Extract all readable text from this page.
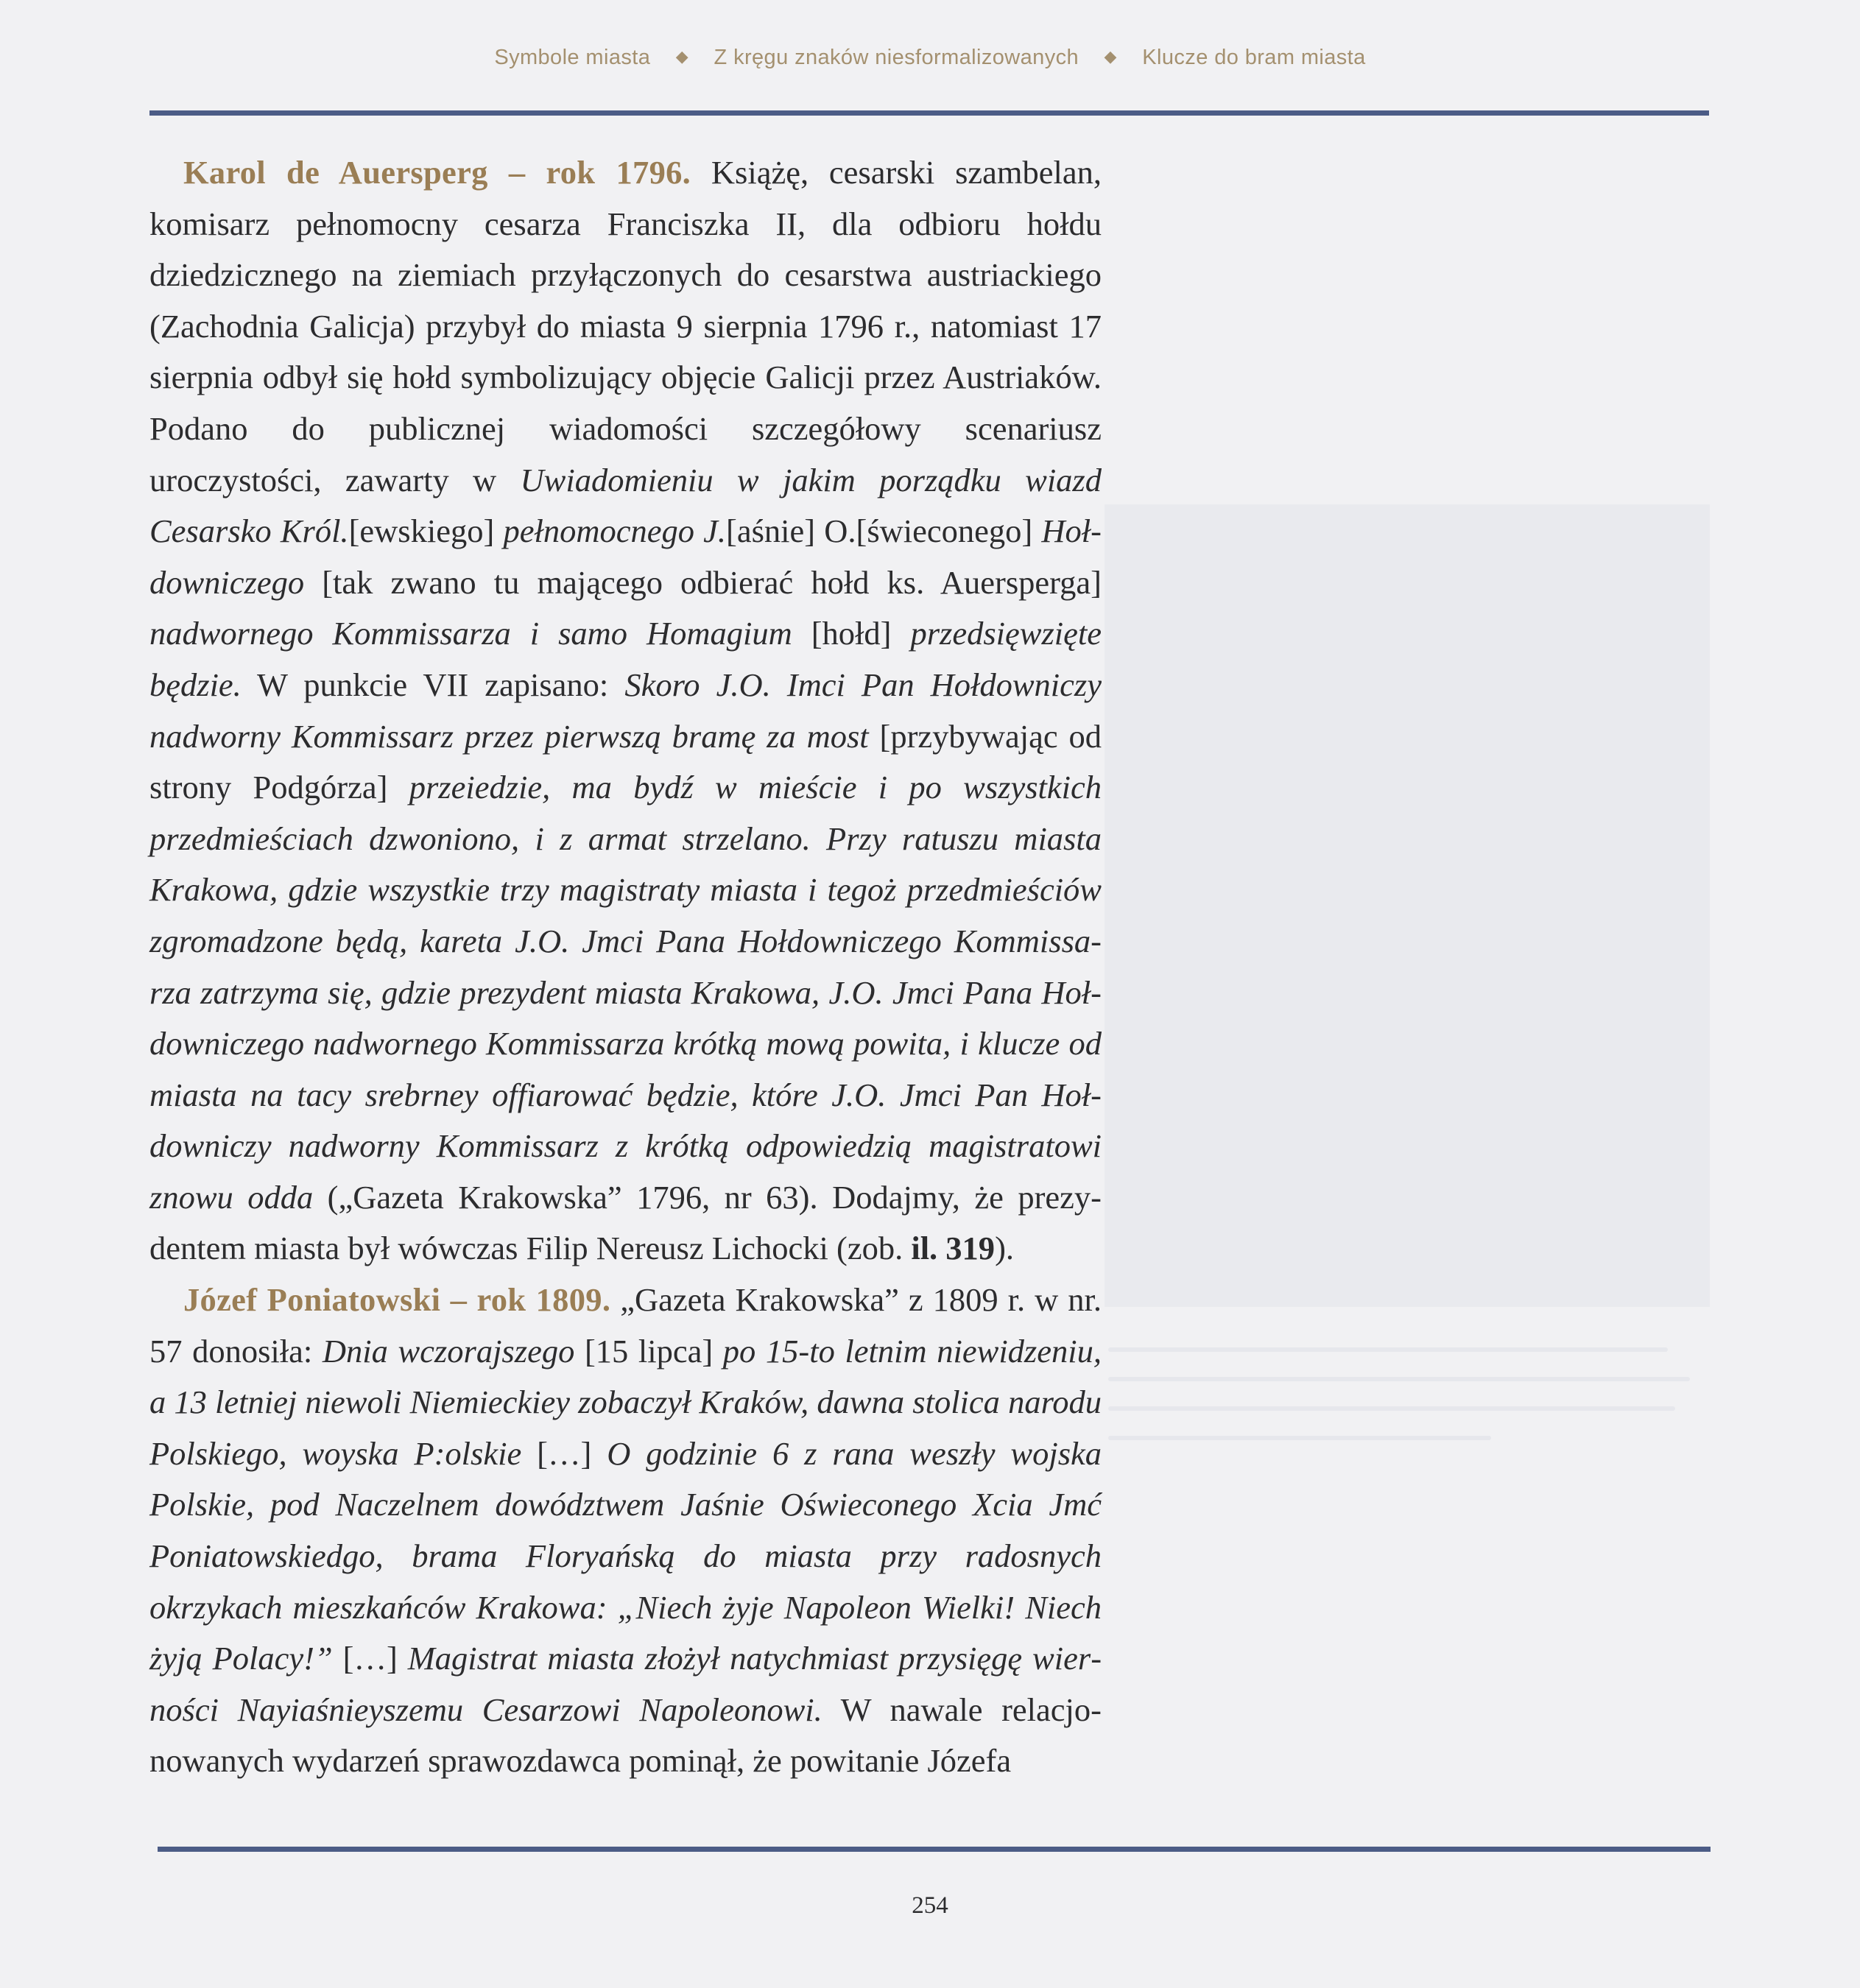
Symbole miasta ◆ Z kręgu znaków niesformalizowanych ◆ Klucze do bram miasta

Karol de Auersperg – rok 1796. Książę, cesarski szambelan, komisarz pełnomocny cesarza Franciszka II, dla odbioru hołdu dziedzicznego na ziemiach przyłączonych do cesarstwa austriackiego (Zachodnia Galicja) przybył do miasta 9 sierpnia 1796 r., natomiast 17 sierpnia odbył się hołd symbolizujący objęcie Galicji przez Austriaków. Podano do publicznej wiadomości szczegółowy scenariusz uroczystości, zawarty w Uwiadomieniu w jakim porządku wiazd Cesarsko Król.[ewskiego] pełnomocnego J.[aśnie] O.[świeconego] Hołdowniczego [tak zwano tu mającego odbierać hołd ks. Auersperga] nadwornego Kommissarza i samo Homagium [hołd] przedsięwzięte będzie. W punkcie VII zapisano: Skoro J.O. Imci Pan Hołdowniczy nadworny Kommissarz przez pierwszą bramę za most [przybywając od strony Podgórza] przeiedzie, ma bydź w mieście i po wszystkich przedmieściach dzwoniono, i z armat strzelano. Przy ratuszu miasta Krakowa, gdzie wszystkie trzy magistraty miasta i tegoż przedmieściów zgromadzone będą, kareta J.O. Jmci Pana Hołdowniczego Kommissarza zatrzyma się, gdzie prezydent miasta Krakowa, J.O. Jmci Pana Hołdowniczego nadwornego Kommissarza krótką mową powita, i klucze od miasta na tacy srebrney offiarować będzie, które J.O. Jmci Pan Hołdowniczy nadworny Kommissarz z krótką odpowiedzią magistratowi znowu odda („Gazeta Krakowska” 1796, nr 63). Dodajmy, że prezydentem miasta był wówczas Filip Nereusz Lichocki (zob. il. 319).

Józef Poniatowski – rok 1809. „Gazeta Krakowska” z 1809 r. w nr. 57 donosiła: Dnia wczorajszego [15 lipca] po 15-to letnim niewidzeniu, a 13 letniej niewoli Niemieckiey zobaczył Kraków, dawna stolica narodu Polskiego, woyska P:olskie […] O godzinie 6 z rana weszły wojska Polskie, pod Naczelnem dowództwem Jaśnie Oświeconego Xcia Jmć Poniatowskiedgo, brama Floryańską do miasta przy radosnych okrzykach mieszkańców Krakowa: „Niech żyje Napoleon Wielki! Niech żyją Polacy!” […] Magistrat miasta złożył natychmiast przysięgę wierności Nayiaśnieyszemu Cesarzowi Napoleonowi. W nawale relacjonowanych wydarzeń sprawozdawca pominął, że powitanie Józefa

254
